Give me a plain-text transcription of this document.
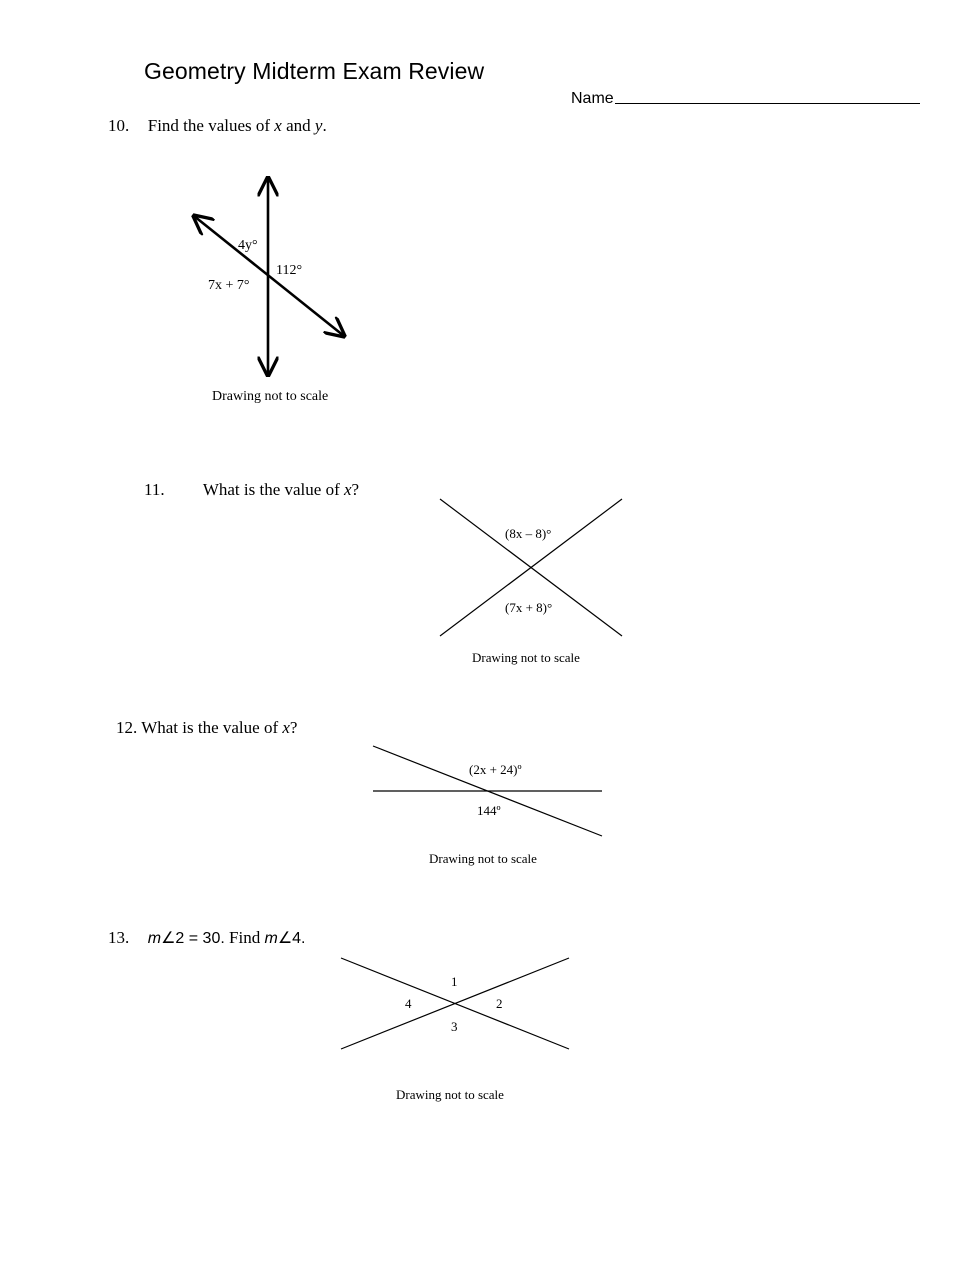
Geometry Midterm Exam Review
Name
10. Find the values of x and y.
4y°
112°
7x + 7°
Drawing not to scale
11. What is the value of x?
(8x – 8)°
(7x + 8)°
Drawing not to scale
12. What is the value of x?
(2x + 24)º
144º
Drawing not to scale
13. m∠2 = 30. Find m∠4.
1
2
3
4
Drawing not to scale
